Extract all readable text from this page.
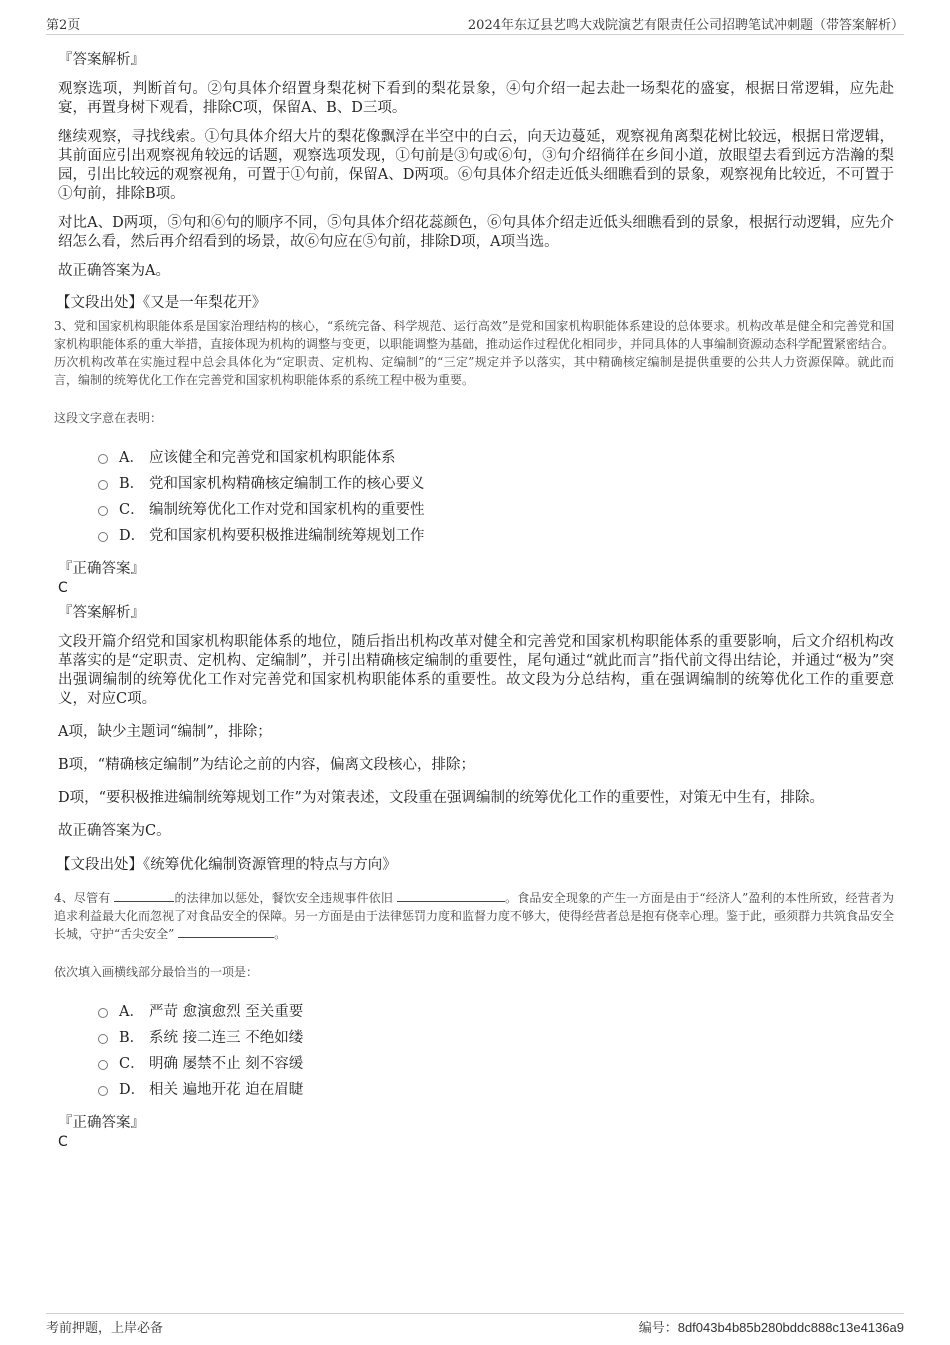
第2页	2024年东辽县艺鸣大戏院演艺有限责任公司招聘笔试冲刺题（带答案解析）

『答案解析』

观察选项，判断首句。②句具体介绍置身梨花树下看到的梨花景象，④句介绍一起去赴一场梨花的盛宴，根据日常逻辑，应先赴宴，再置身树下观看，排除C项，保留A、B、D三项。

继续观察，寻找线索。①句具体介绍大片的梨花像飘浮在半空中的白云，向天边蔓延，观察视角离梨花树比较远，根据日常逻辑，其前面应引出观察视角较远的话题，观察选项发现，①句前是③句或⑥句，③句介绍徜徉在乡间小道，放眼望去看到远方浩瀚的梨园，引出比较远的观察视角，可置于①句前，保留A、D两项。⑥句具体介绍走近低头细瞧看到的景象，观察视角比较近，不可置于①句前，排除B项。

对比A、D两项，⑤句和⑥句的顺序不同，⑤句具体介绍花蕊颜色，⑥句具体介绍走近低头细瞧看到的景象，根据行动逻辑，应先介绍怎么看，然后再介绍看到的场景，故⑥句应在⑤句前，排除D项，A项当选。

故正确答案为A。

【文段出处】《又是一年梨花开》

3、党和国家机构职能体系是国家治理结构的核心，“系统完备、科学规范、运行高效”是党和国家机构职能体系建设的总体要求。机构改革是健全和完善党和国家机构职能体系的重大举措，直接体现为机构的调整与变更，以职能调整为基础，推动运作过程优化相同步，并同具体的人事编制资源动态科学配置紧密结合。历次机构改革在实施过程中总会具体化为“定职责、定机构、定编制”的“三定”规定并予以落实，其中精确核定编制是提供重要的公共人力资源保障。就此而言，编制的统筹优化工作在完善党和国家机构职能体系的系统工程中极为重要。

这段文字意在表明：

A． 应该健全和完善党和国家机构职能体系
B． 党和国家机构精确核定编制工作的核心要义
C． 编制统筹优化工作对党和国家机构的重要性
D． 党和国家机构要积极推进编制统筹规划工作

『正确答案』

C

『答案解析』

文段开篇介绍党和国家机构职能体系的地位，随后指出机构改革对健全和完善党和国家机构职能体系的重要影响，后文介绍机构改革落实的是“定职责、定机构、定编制”，并引出精确核定编制的重要性，尾句通过“就此而言”指代前文得出结论，并通过“极为”突出强调编制的统筹优化工作对完善党和国家机构职能体系的重要性。故文段为分总结构，重在强调编制的统筹优化工作的重要意义，对应C项。

A项，缺少主题词“编制”，排除；

B项，“精确核定编制”为结论之前的内容，偏离文段核心，排除；

D项，“要积极推进编制统筹规划工作”为对策表述，文段重在强调编制的统筹优化工作的重要性，对策无中生有，排除。

故正确答案为C。

【文段出处】《统筹优化编制资源管理的特点与方向》

4、尽管有	的法律加以惩处，餐饮安全违规事件依旧	。食品安全现象的产生一方面是由于“经济人”盈利的本性所致，经营者为追求利益最大化而忽视了对食品安全的保障。另一方面是由于法律惩罚力度和监督力度不够大，使得经营者总是抱有侥幸心理。鉴于此，亟须群力共筑食品安全长城，守护“舌尖安全”	。

依次填入画横线部分最恰当的一项是：

A． 严苛 愈演愈烈 至关重要
B． 系统 接二连三 不绝如缕
C． 明确 屡禁不止 刻不容缓
D． 相关 遍地开花 迫在眉睫

『正确答案』

C

考前押题，上岸必备	编号：8df043b4b85b280bddc888c13e4136a9
